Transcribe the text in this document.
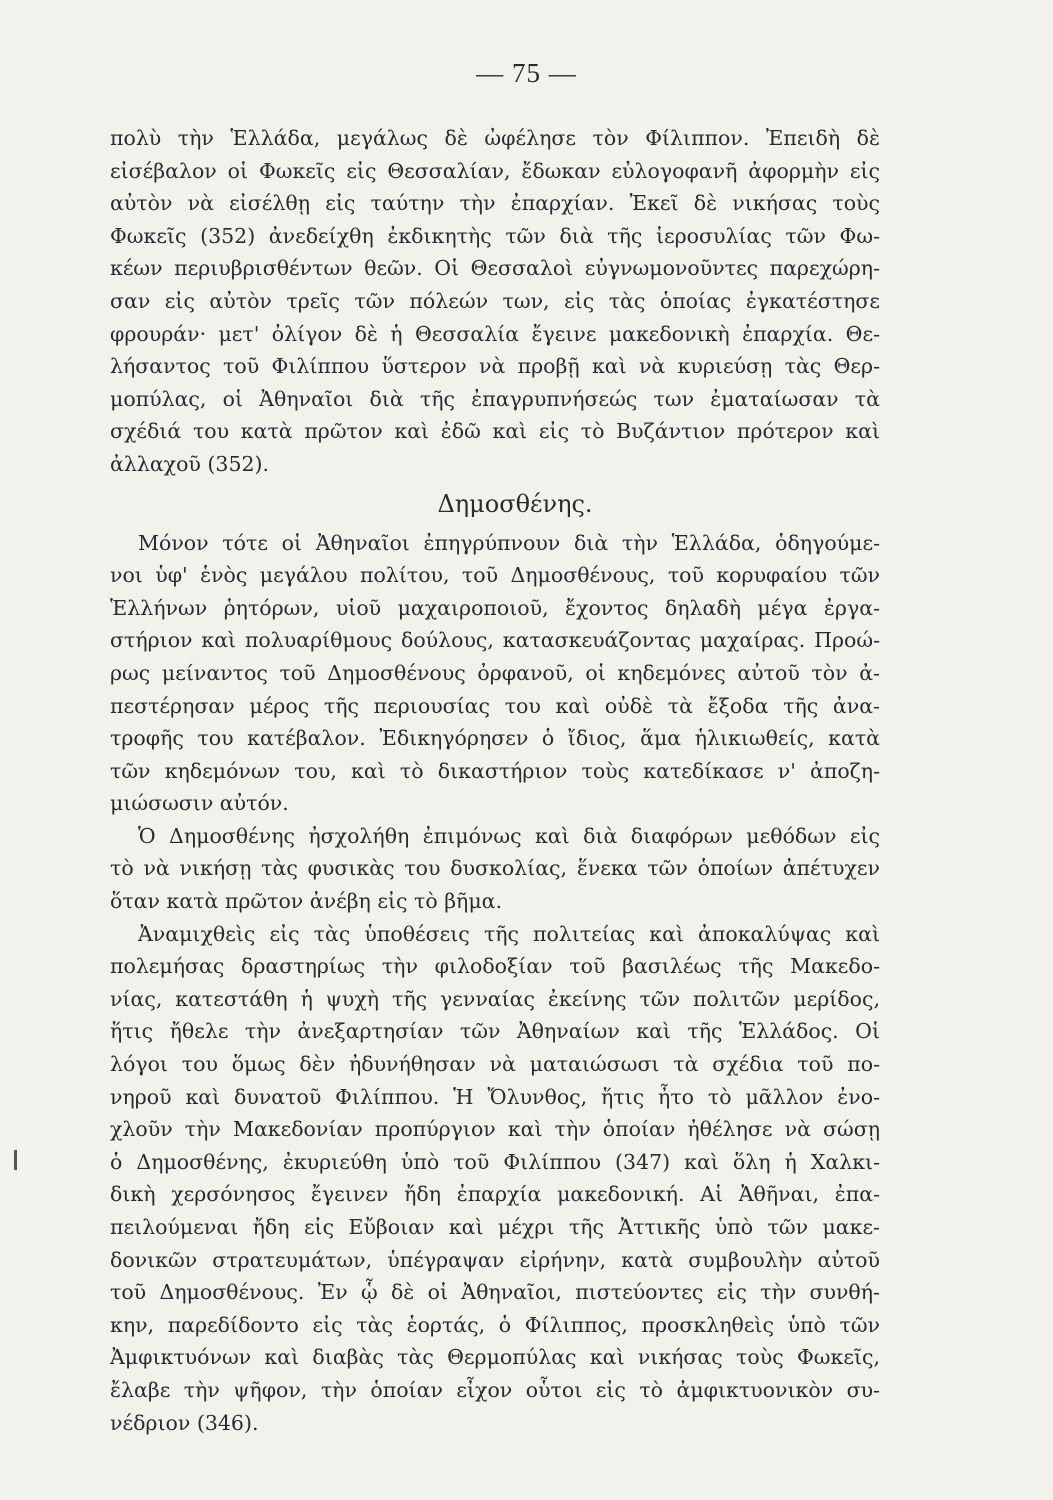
— 75 —
πολὺ τὴν Ἑλλάδα, μεγάλως δὲ ὠφέλησε τὸν Φίλιππον. Ἐπειδὴ δὲ
εἰσέβαλον οἱ Φωκεῖς εἰς Θεσσαλίαν, ἔδωκαν εὐλογοφανῆ ἀφορμὴν εἰς
αὐτὸν νὰ εἰσέλθῃ εἰς ταύτην τὴν ἐπαρχίαν. Ἐκεῖ δὲ νικήσας τοὺς
Φωκεῖς (352) ἀνεδείχθη ἐκδικητὴς τῶν διὰ τῆς ἱεροσυλίας τῶν Φω-
κέων περιυβρισθέντων θεῶν. Οἱ Θεσσαλοὶ εὐγνωμονοῦντες παρεχώρη-
σαν εἰς αὐτὸν τρεῖς τῶν πόλεών των, εἰς τὰς ὁποίας ἐγκατέστησε
φρουράν· μετ' ὀλίγον δὲ ἡ Θεσσαλία ἔγεινε μακεδονικὴ ἐπαρχία. Θε-
λήσαντος τοῦ Φιλίππου ὕστερον νὰ προβῇ καὶ νὰ κυριεύσῃ τὰς Θερ-
μοπύλας, οἱ Ἀθηναῖοι διὰ τῆς ἐπαγρυπνήσεώς των ἐματαίωσαν τὰ
σχέδιά του κατὰ πρῶτον καὶ ἐδῶ καὶ εἰς τὸ Βυζάντιον πρότερον καὶ
ἀλλαχοῦ (352).
Δημοσθένης.
Μόνον τότε οἱ Ἀθηναῖοι ἐπηγρύπνουν διὰ τὴν Ἑλλάδα, ὁδηγούμε-
νοι ὑφ' ἑνὸς μεγάλου πολίτου, τοῦ Δημοσθένους, τοῦ κορυφαίου τῶν
Ἑλλήνων ῥητόρων, υἱοῦ μαχαιροποιοῦ, ἔχοντος δηλαδὴ μέγα ἐργα-
στήριον καὶ πολυαρίθμους δούλους, κατασκευάζοντας μαχαίρας. Προώ-
ρως μείναντος τοῦ Δημοσθένους ὀρφανοῦ, οἱ κηδεμόνες αὐτοῦ τὸν ἀ-
πεστέρησαν μέρος τῆς περιουσίας του καὶ οὐδὲ τὰ ἔξοδα τῆς ἀνα-
τροφῆς του κατέβαλον. Ἐδικηγόρησεν ὁ ἴδιος, ἅμα ἡλικιωθείς, κατὰ
τῶν κηδεμόνων του, καὶ τὸ δικαστήριον τοὺς κατεδίκασε ν' ἀποζη-
μιώσωσιν αὐτόν.
Ὁ Δημοσθένης ἠσχολήθη ἐπιμόνως καὶ διὰ διαφόρων μεθόδων εἰς
τὸ νὰ νικήσῃ τὰς φυσικὰς του δυσκολίας, ἕνεκα τῶν ὁποίων ἀπέτυχεν
ὅταν κατὰ πρῶτον ἀνέβη εἰς τὸ βῆμα.
Ἀναμιχθεὶς εἰς τὰς ὑποθέσεις τῆς πολιτείας καὶ ἀποκαλύψας καὶ
πολεμήσας δραστηρίως τὴν φιλοδοξίαν τοῦ βασιλέως τῆς Μακεδο-
νίας, κατεστάθη ἡ ψυχὴ τῆς γενναίας ἐκείνης τῶν πολιτῶν μερίδος,
ἥτις ἤθελε τὴν ἀνεξαρτησίαν τῶν Ἀθηναίων καὶ τῆς Ἑλλάδος. Οἱ
λόγοι του ὅμως δὲν ἠδυνήθησαν νὰ ματαιώσωσι τὰ σχέδια τοῦ πο-
νηροῦ καὶ δυνατοῦ Φιλίππου. Ἡ Ὄλυνθος, ἥτις ἦτο τὸ μᾶλλον ἐνο-
χλοῦν τὴν Μακεδονίαν προπύργιον καὶ τὴν ὁποίαν ἠθέλησε νὰ σώσῃ
ὁ Δημοσθένης, ἐκυριεύθη ὑπὸ τοῦ Φιλίππου (347) καὶ ὅλη ἡ Χαλκι-
δικὴ χερσόνησος ἔγεινεν ἤδη ἐπαρχία μακεδονική. Αἱ Ἀθῆναι, ἐπα-
πειλούμεναι ἤδη εἰς Εὔβοιαν καὶ μέχρι τῆς Ἀττικῆς ὑπὸ τῶν μακε-
δονικῶν στρατευμάτων, ὑπέγραψαν εἰρήνην, κατὰ συμβουλὴν αὐτοῦ
τοῦ Δημοσθένους. Ἐν ᾧ δὲ οἱ Ἀθηναῖοι, πιστεύοντες εἰς τὴν συνθή-
κην, παρεδίδοντο εἰς τὰς ἑορτάς, ὁ Φίλιππος, προσκληθεὶς ὑπὸ τῶν
Ἀμφικτυόνων καὶ διαβὰς τὰς Θερμοπύλας καὶ νικήσας τοὺς Φωκεῖς,
ἔλαβε τὴν ψῆφον, τὴν ὁποίαν εἶχον οὗτοι εἰς τὸ ἀμφικτυονικὸν συ-
νέδριον (346).
